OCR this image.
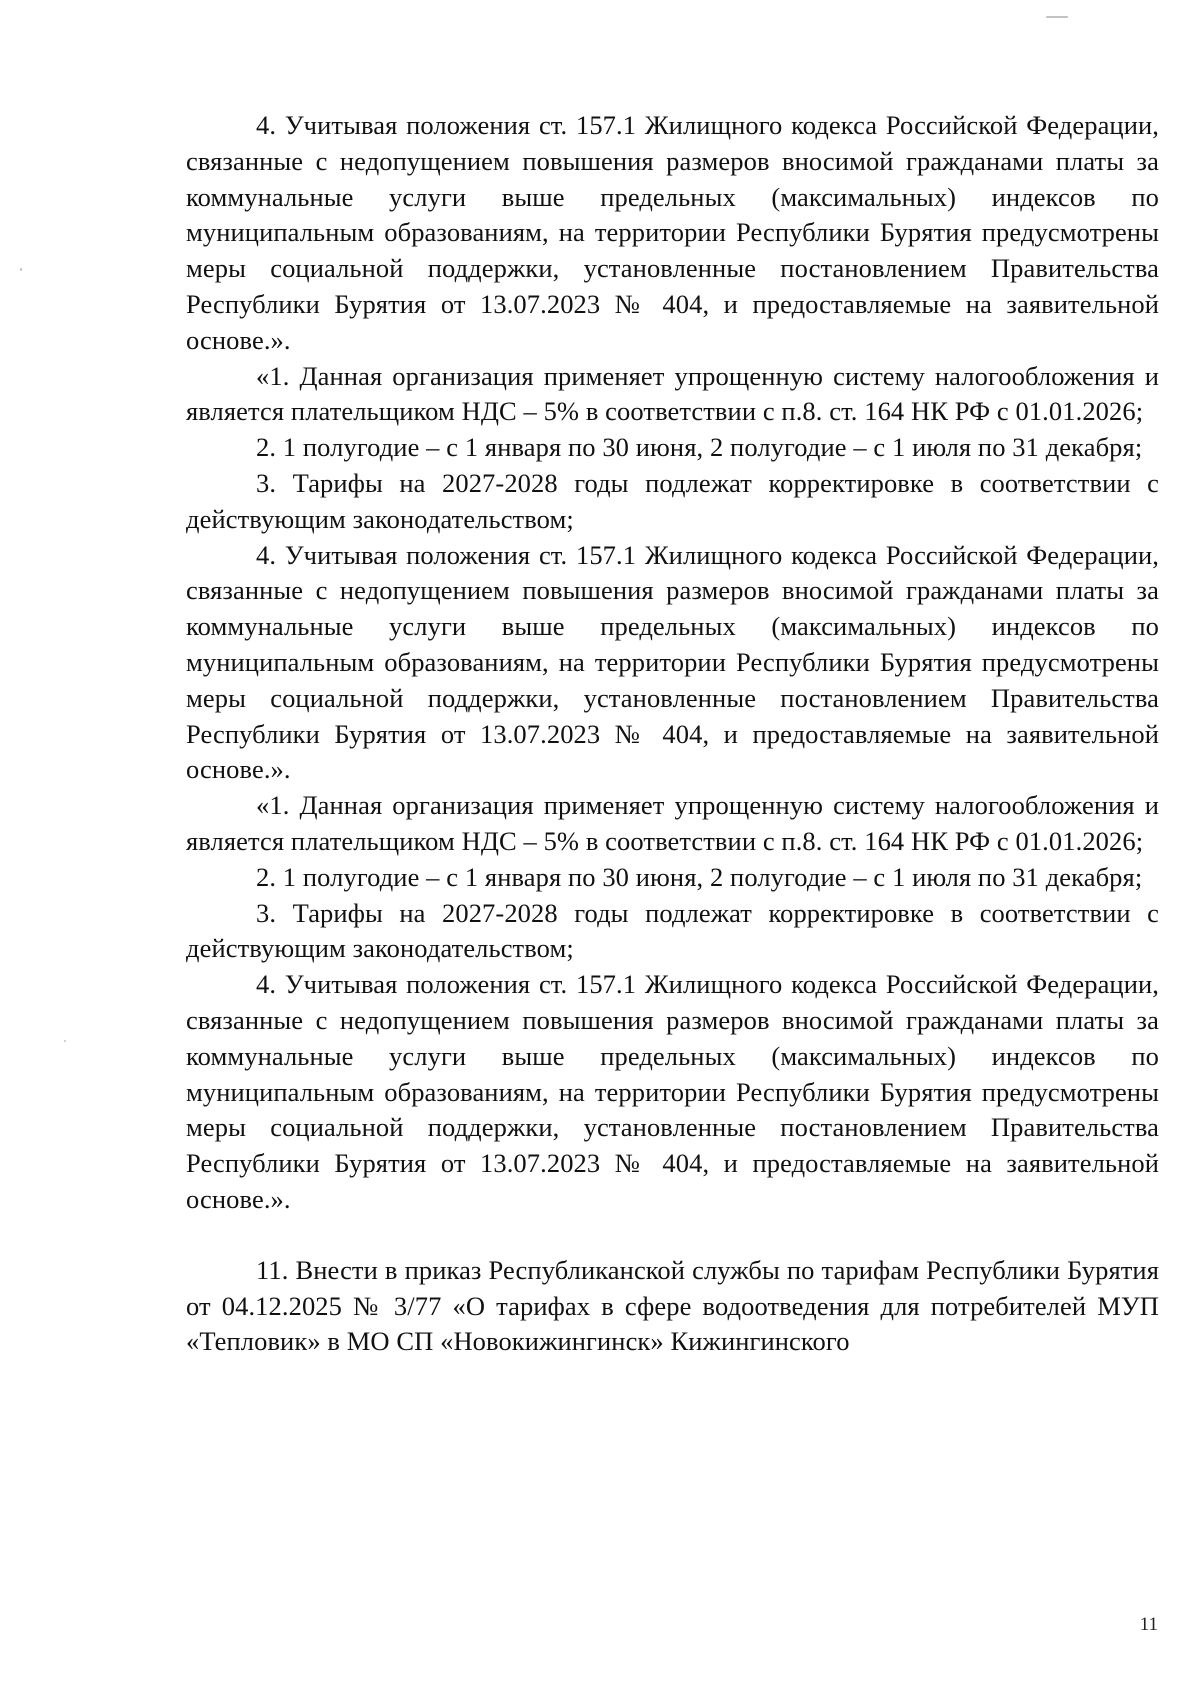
4. Учитывая положения ст. 157.1 Жилищного кодекса Российской Федерации, связанные с недопущением повышения размеров вносимой гражданами платы за коммунальные услуги выше предельных (максимальных) индексов по муниципальным образованиям, на территории Республики Бурятия предусмотрены меры социальной поддержки, установленные постановлением Правительства Республики Бурятия от 13.07.2023 № 404, и предоставляемые на заявительной основе.».

«1. Данная организация применяет упрощенную систему налогообложения и является плательщиком НДС – 5% в соответствии с п.8. ст. 164 НК РФ с 01.01.2026;

2. 1 полугодие – с 1 января по 30 июня, 2 полугодие – с 1 июля по 31 декабря;

3. Тарифы на 2027-2028 годы подлежат корректировке в соответствии с действующим законодательством;

4. Учитывая положения ст. 157.1 Жилищного кодекса Российской Федерации, связанные с недопущением повышения размеров вносимой гражданами платы за коммунальные услуги выше предельных (максимальных) индексов по муниципальным образованиям, на территории Республики Бурятия предусмотрены меры социальной поддержки, установленные постановлением Правительства Республики Бурятия от 13.07.2023 № 404, и предоставляемые на заявительной основе.».

«1. Данная организация применяет упрощенную систему налогообложения и является плательщиком НДС – 5% в соответствии с п.8. ст. 164 НК РФ с 01.01.2026;

2. 1 полугодие – с 1 января по 30 июня, 2 полугодие – с 1 июля по 31 декабря;

3. Тарифы на 2027-2028 годы подлежат корректировке в соответствии с действующим законодательством;

4. Учитывая положения ст. 157.1 Жилищного кодекса Российской Федерации, связанные с недопущением повышения размеров вносимой гражданами платы за коммунальные услуги выше предельных (максимальных) индексов по муниципальным образованиям, на территории Республики Бурятия предусмотрены меры социальной поддержки, установленные постановлением Правительства Республики Бурятия от 13.07.2023 № 404, и предоставляемые на заявительной основе.».

11. Внести в приказ Республиканской службы по тарифам Республики Бурятия от 04.12.2025 № 3/77 «О тарифах в сфере водоотведения для потребителей МУП «Тепловик» в МО СП «Новокижингинск» Кижингинского

11
